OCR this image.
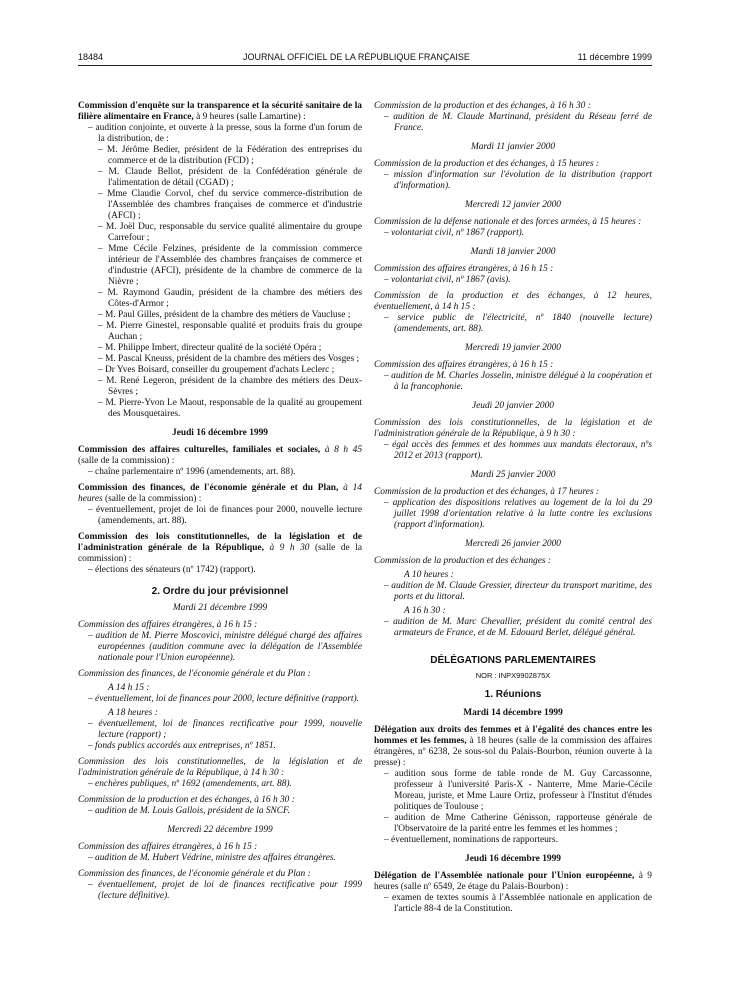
18484	JOURNAL OFFICIEL DE LA RÉPUBLIQUE FRANÇAISE	11 décembre 1999

Commission d'enquête sur la transparence et la sécurité sanitaire de la filière alimentaire en France, à 9 heures (salle Lamartine) :

– audition conjointe, et ouverte à la presse, sous la forme d'un forum de la distribution, de :
– M. Jérôme Bedier, président de la Fédération des entreprises du commerce et de la distribution (FCD) ;
– M. Claude Bellot, président de la Confédération générale de l'alimentation de détail (CGAD) ;
– Mme Claudie Corvol, chef du service commerce-distribution de l'Assemblée des chambres françaises de commerce et d'industrie (AFCI) ;
– M. Joël Duc, responsable du service qualité alimentaire du groupe Carrefour ;
– Mme Cécile Felzines, présidente de la commission commerce intérieur de l'Assemblée des chambres françaises de commerce et d'industrie (AFCI), présidente de la chambre de commerce de la Nièvre ;
– M. Raymond Gaudin, président de la chambre des métiers des Côtes-d'Armor ;
– M. Paul Gilles, président de la chambre des métiers de Vaucluse ;
– M. Pierre Ginestel, responsable qualité et produits frais du groupe Auchan ;
– M. Philippe Imbert, directeur qualité de la société Opéra ;
– M. Pascal Kneuss, président de la chambre des métiers des Vosges ;
– Dr Yves Boisard, conseiller du groupement d'achats Leclerc ;
– M. René Legeron, président de la chambre des métiers des Deux-Sèvres ;
– M. Pierre-Yvon Le Maout, responsable de la qualité au groupement des Mousquetaires.
Jeudi 16 décembre 1999

Commission des affaires culturelles, familiales et sociales, à 8 h 45 (salle de la commission) :

– chaîne parlementaire nº 1996 (amendements, art. 88).

Commission des finances, de l'économie générale et du Plan, à 14 heures (salle de la commission) :

– éventuellement, projet de loi de finances pour 2000, nouvelle lecture (amendements, art. 88).

Commission des lois constitutionnelles, de la législation et de l'administration générale de la République, à 9 h 30 (salle de la commission) :

– élections des sénateurs (nº 1742) (rapport).
2. Ordre du jour prévisionnel
Mardi 21 décembre 1999

Commission des affaires étrangères, à 16 h 15 :

– audition de M. Pierre Moscovici, ministre délégué chargé des affaires européennes (audition commune avec la délégation de l'Assemblée nationale pour l'Union européenne).

Commission des finances, de l'économie générale et du Plan :

A 14 h 15 :

– éventuellement, loi de finances pour 2000, lecture définitive (rapport).

A 18 heures :

– éventuellement, loi de finances rectificative pour 1999, nouvelle lecture (rapport) ;
– fonds publics accordés aux entreprises, nº 1851.

Commission des lois constitutionnelles, de la législation et de l'administration générale de la République, à 14 h 30 :

– enchères publiques, nº 1692 (amendements, art. 88).

Commission de la production et des échanges, à 16 h 30 :

– audition de M. Louis Gallois, président de la SNCF.
Mercredi 22 décembre 1999

Commission des affaires étrangères, à 16 h 15 :

– audition de M. Hubert Védrine, ministre des affaires étrangères.

Commission des finances, de l'économie générale et du Plan :

– éventuellement, projet de loi de finances rectificative pour 1999 (lecture définitive).

Commission de la production et des échanges, à 16 h 30 :

– audition de M. Claude Martinand, président du Réseau ferré de France.
Mardi 11 janvier 2000

Commission de la production et des échanges, à 15 heures :

– mission d'information sur l'évolution de la distribution (rapport d'information).
Mercredi 12 janvier 2000

Commission de la défense nationale et des forces armées, à 15 heures :

– volontariat civil, nº 1867 (rapport).
Mardi 18 janvier 2000

Commission des affaires étrangères, à 16 h 15 :

– volontariat civil, nº 1867 (avis).

Commission de la production et des échanges, à 12 heures, éventuellement, à 14 h 15 :

– service public de l'électricité, nº 1840 (nouvelle lecture) (amendements, art. 88).
Mercredi 19 janvier 2000

Commission des affaires étrangères, à 16 h 15 :

– audition de M. Charles Josselin, ministre délégué à la coopération et à la francophonie.
Jeudi 20 janvier 2000

Commission des lois constitutionnelles, de la législation et de l'administration générale de la République, à 9 h 30 :

– égal accès des femmes et des hommes aux mandats électoraux, nºs 2012 et 2013 (rapport).
Mardi 25 janvier 2000

Commission de la production et des échanges, à 17 heures :

– application des dispositions relatives au logement de la loi du 29 juillet 1998 d'orientation relative à la lutte contre les exclusions (rapport d'information).
Mercredi 26 janvier 2000

Commission de la production et des échanges :

A 10 heures :

– audition de M. Claude Gressier, directeur du transport maritime, des ports et du littoral.

A 16 h 30 :

– audition de M. Marc Chevallier, président du comité central des armateurs de France, et de M. Edouard Berlet, délégué général.
DÉLÉGATIONS PARLEMENTAIRES
NOR : INPX9902875X
1. Réunions
Mardi 14 décembre 1999

Délégation aux droits des femmes et à l'égalité des chances entre les hommes et les femmes, à 18 heures (salle de la commission des affaires étrangères, nº 6238, 2e sous-sol du Palais-Bourbon, réunion ouverte à la presse) :

– audition sous forme de table ronde de M. Guy Carcassonne, professeur à l'université Paris-X - Nanterre, Mme Marie-Cécile Moreau, juriste, et Mme Laure Ortiz, professeur à l'Institut d'études politiques de Toulouse ;
– audition de Mme Catherine Génisson, rapporteuse générale de l'Observatoire de la parité entre les femmes et les hommes ;
– éventuellement, nominations de rapporteurs.
Jeudi 16 décembre 1999

Délégation de l'Assemblée nationale pour l'Union européenne, à 9 heures (salle nº 6549, 2e étage du Palais-Bourbon) :

– examen de textes soumis à l'Assemblée nationale en application de l'article 88-4 de la Constitution.
